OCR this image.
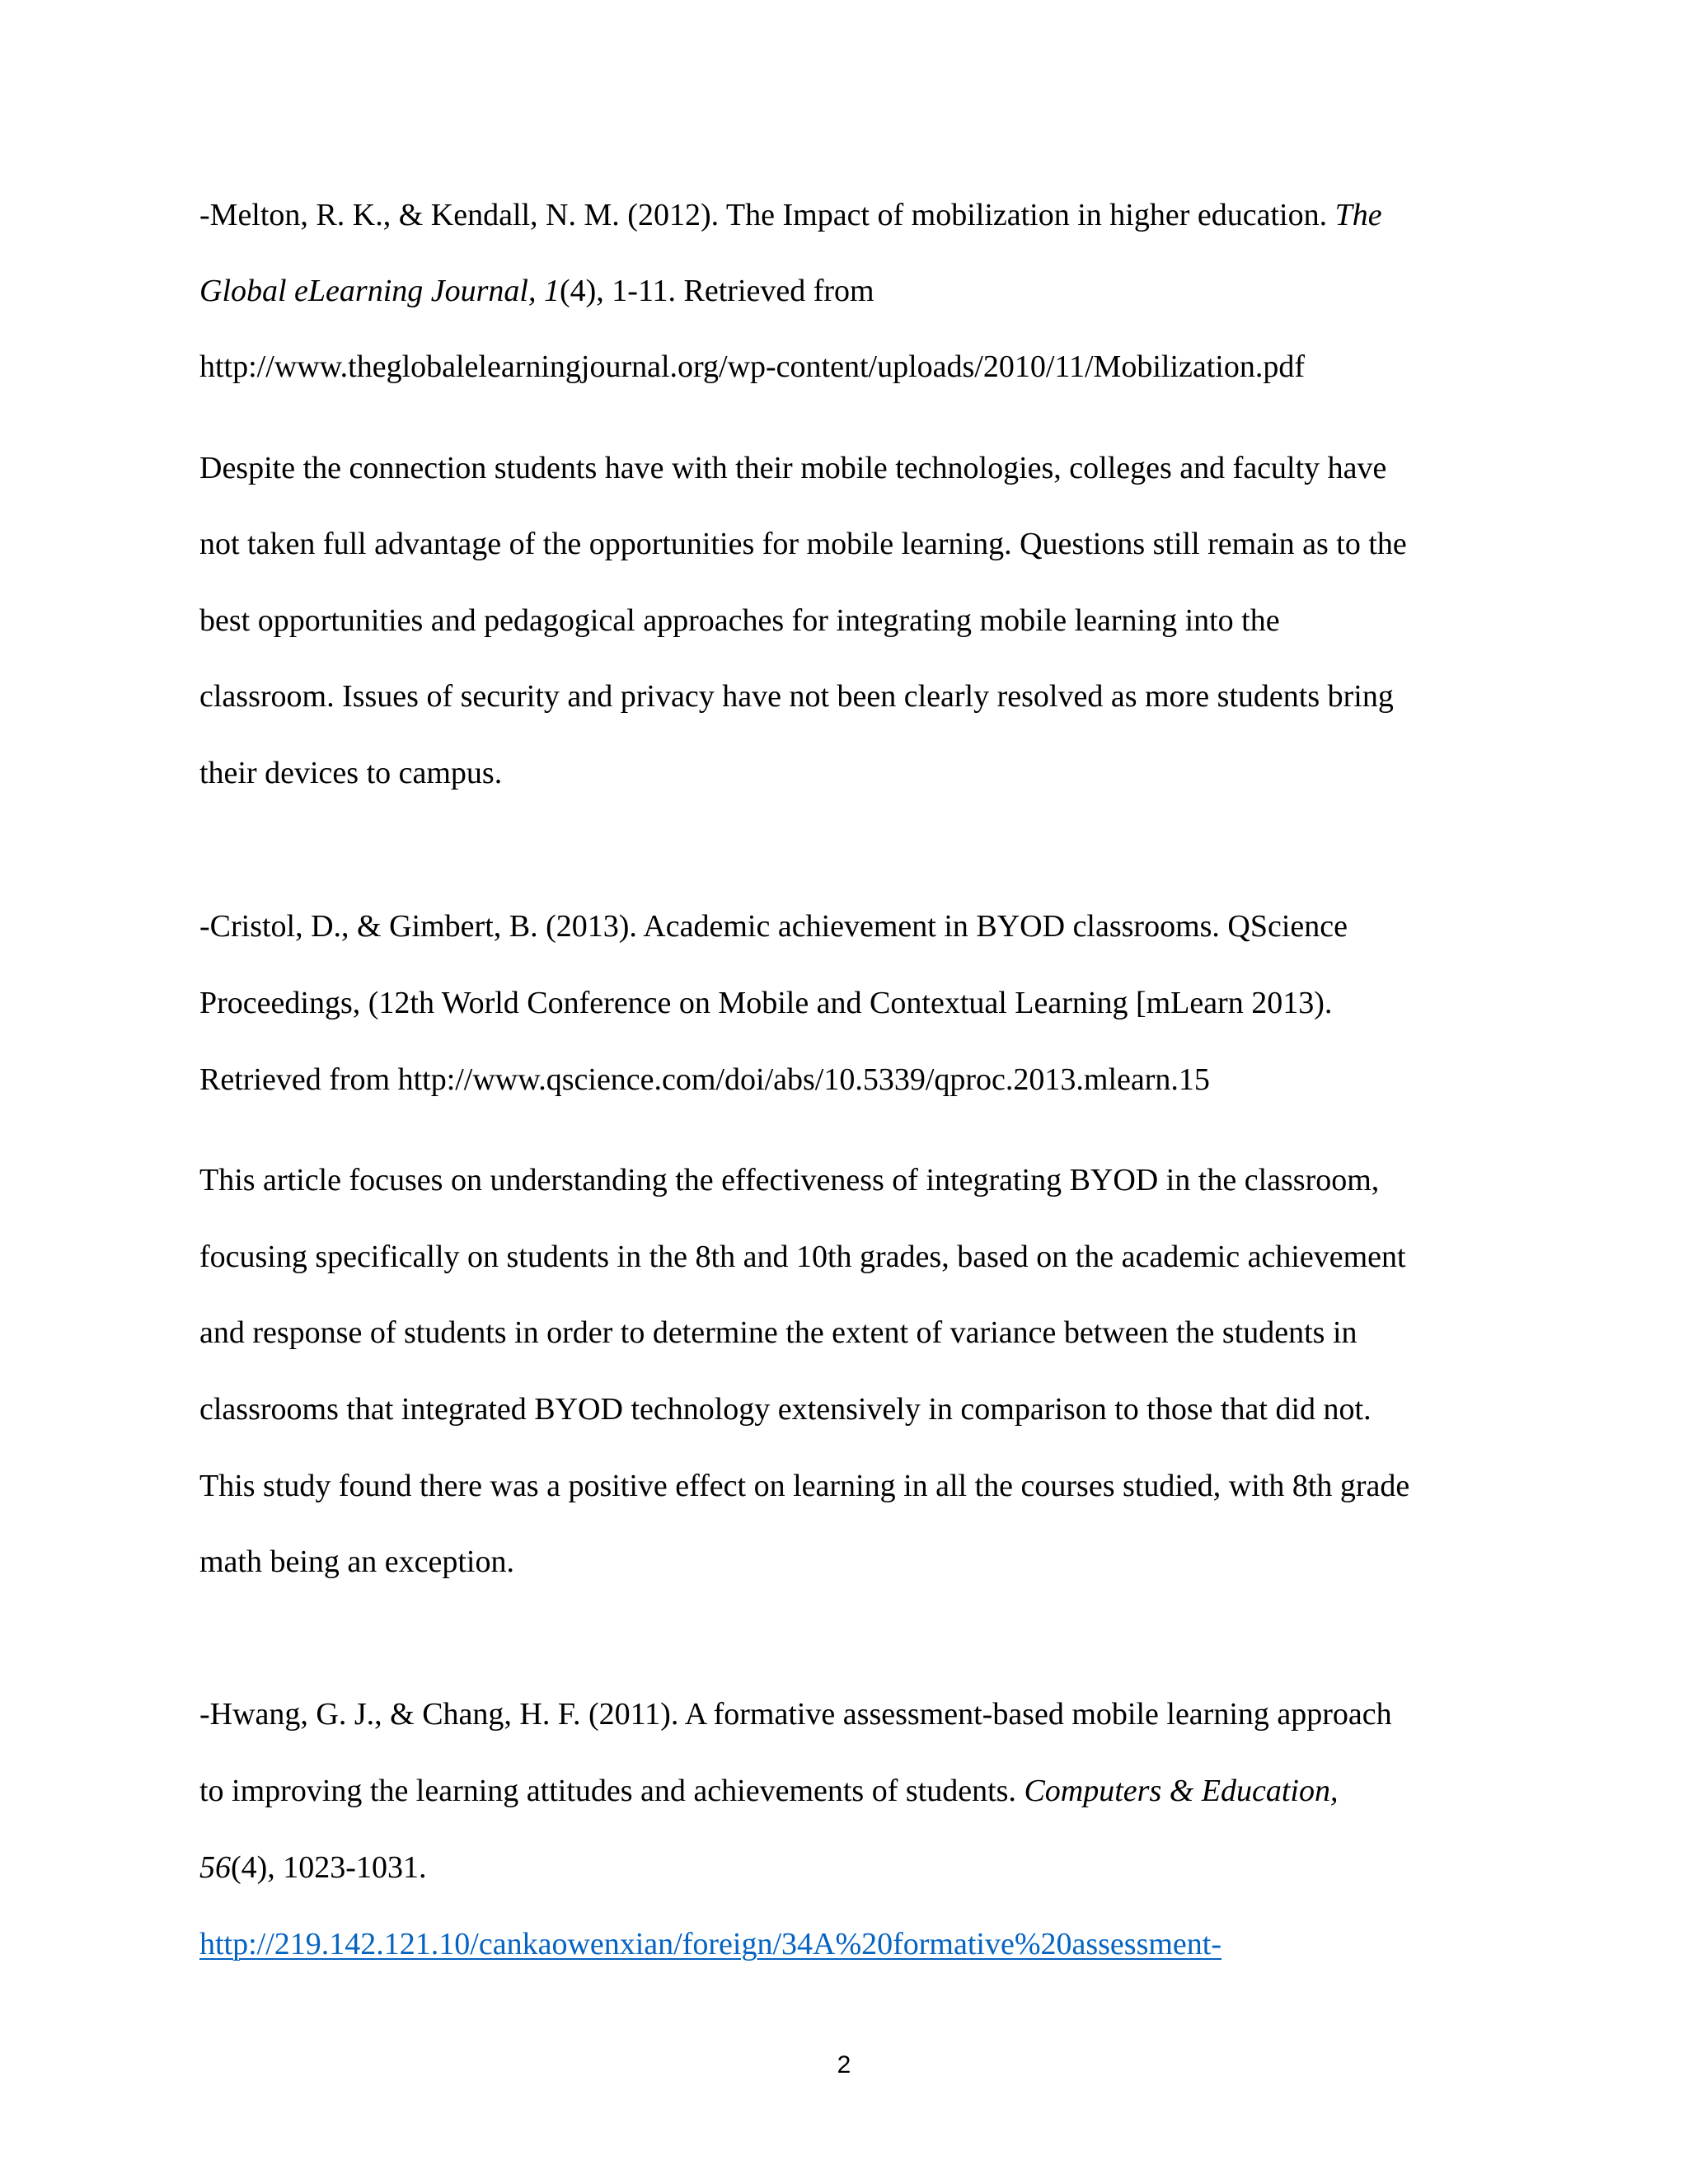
-Melton, R. K., & Kendall, N. M. (2012). The Impact of mobilization in higher education. The
Global eLearning Journal, 1(4), 1-11. Retrieved from
http://www.theglobalelearningjournal.org/wp-content/uploads/2010/11/Mobilization.pdf
Despite the connection students have with their mobile technologies, colleges and faculty have
not taken full advantage of the opportunities for mobile learning. Questions still remain as to the
best opportunities and pedagogical approaches for integrating mobile learning into the
classroom. Issues of security and privacy have not been clearly resolved as more students bring
their devices to campus.
-Cristol, D., & Gimbert, B. (2013). Academic achievement in BYOD classrooms. QScience
Proceedings, (12th World Conference on Mobile and Contextual Learning [mLearn 2013).
Retrieved from http://www.qscience.com/doi/abs/10.5339/qproc.2013.mlearn.15
This article focuses on understanding the effectiveness of integrating BYOD in the classroom,
focusing specifically on students in the 8th and 10th grades, based on the academic achievement
and response of students in order to determine the extent of variance between the students in
classrooms that integrated BYOD technology extensively in comparison to those that did not.
This study found there was a positive effect on learning in all the courses studied, with 8th grade
math being an exception.
-Hwang, G. J., & Chang, H. F. (2011). A formative assessment-based mobile learning approach
to improving the learning attitudes and achievements of students. Computers & Education,
56(4), 1023-1031.
http://219.142.121.10/cankaowenxian/foreign/34A%20formative%20assessment-
2
